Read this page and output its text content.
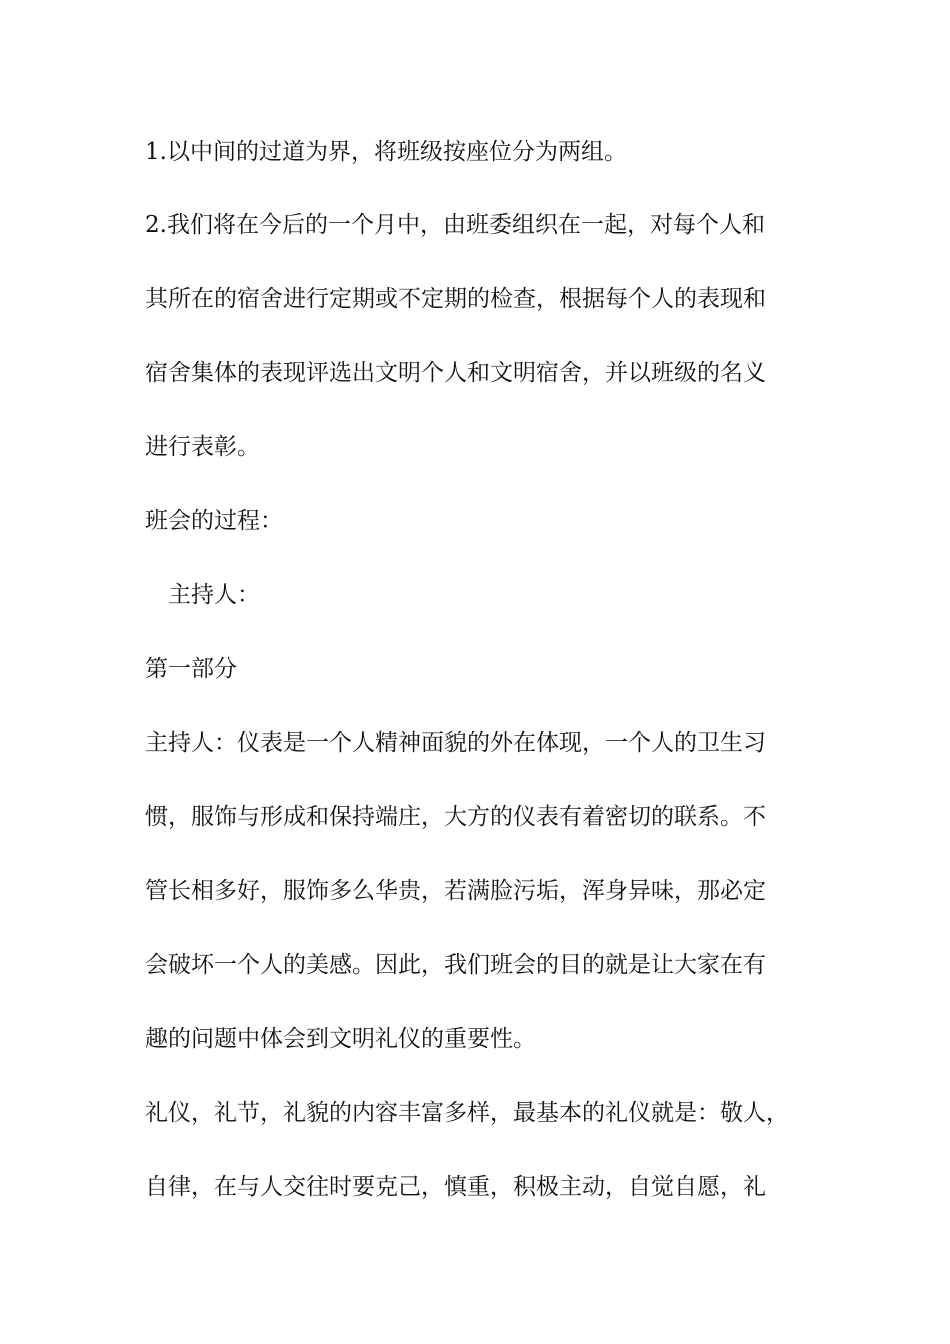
1.以中间的过道为界，将班级按座位分为两组。
2.我们将在今后的一个月中，由班委组织在一起，对每个人和
其所在的宿舍进行定期或不定期的检查，根据每个人的表现和
宿舍集体的表现评选出文明个人和文明宿舍，并以班级的名义
进行表彰。
班会的过程：
主持人：
第一部分
主持人：仪表是一个人精神面貌的外在体现，一个人的卫生习
惯，服饰与形成和保持端庄，大方的仪表有着密切的联系。不
管长相多好，服饰多么华贵，若满脸污垢，浑身异味，那必定
会破坏一个人的美感。因此，我们班会的目的就是让大家在有
趣的问题中体会到文明礼仪的重要性。
礼仪，礼节，礼貌的内容丰富多样，最基本的礼仪就是：敬人，
自律，在与人交往时要克己，慎重，积极主动，自觉自愿，礼
